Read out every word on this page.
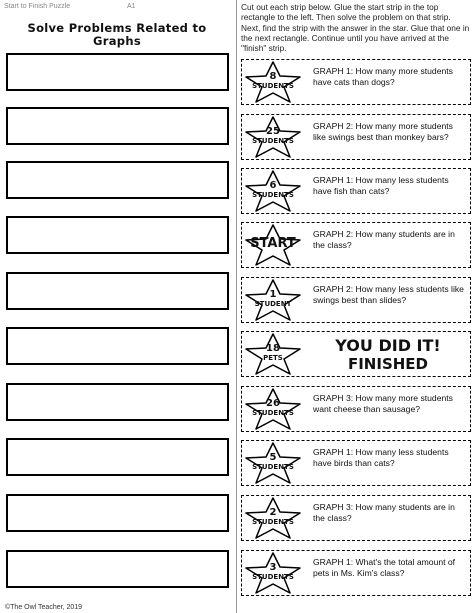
Start to Finish Puzzle	A1
Solve Problems Related to
Graphs
Cut out each strip below. Glue the start strip in the top rectangle to the left. Then solve the problem on that strip. Next, find the strip with the answer in the star. Glue that one in the next rectangle. Continue until you have arrived at the "finish" strip.
8
STUDENTS
GRAPH 1: How many more students have cats than dogs?
25
STUDENTS
GRAPH 2: How many more students like swings best than monkey bars?
6
STUDENTS
GRAPH 1: How many less students have fish than cats?
START
GRAPH 2: How many students are in the class?
1
STUDENT
GRAPH 2: How many less students like swings best than slides?
18
PETS
YOU DID IT!
FINISHED
26
STUDENTS
GRAPH 3: How many more students want cheese than sausage?
5
STUDENTS
GRAPH 1: How many less students have birds than cats?
2
STUDENTS
GRAPH 3: How many students are in the class?
3
STUDENTS
GRAPH 1: What's the total amount of pets in Ms. Kim's class?
©The Owl Teacher, 2019
